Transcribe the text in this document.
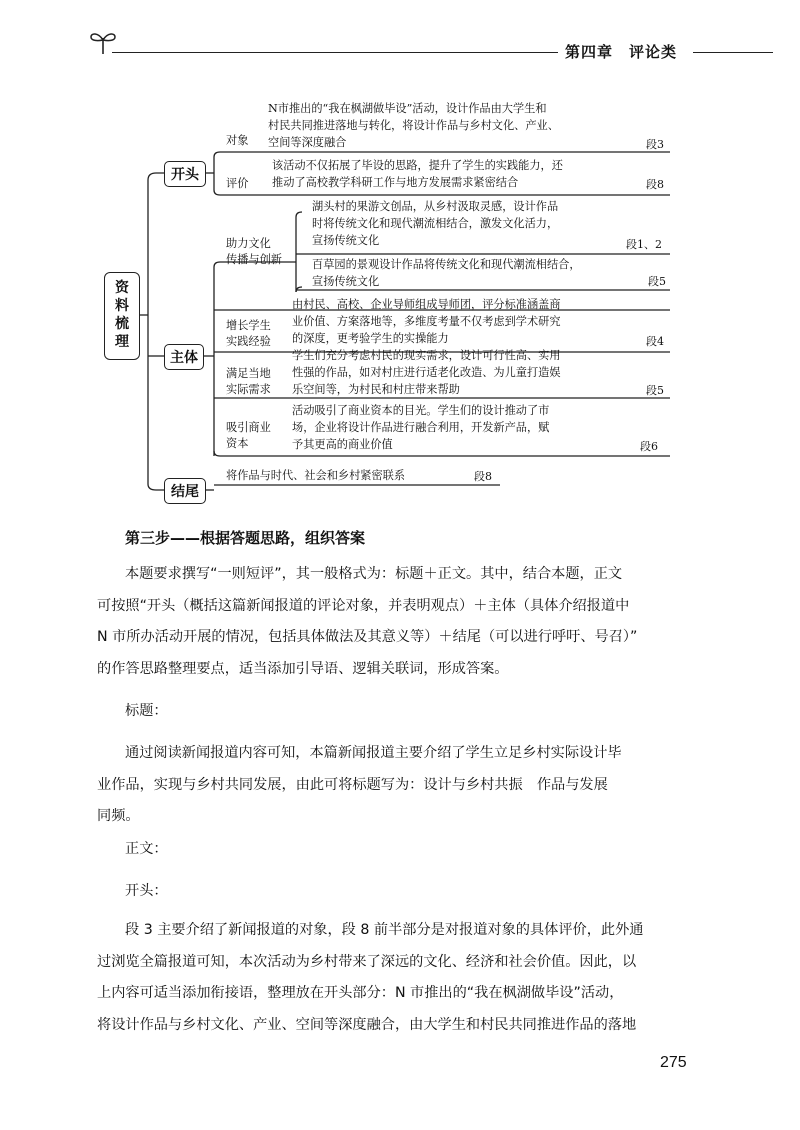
第四章 评论类
资
料
梳
理
开头
主体
结尾
对象
N市推出的“我在枫湖做毕设”活动，设计作品由大学生和
村民共同推进落地与转化，将设计作品与乡村文化、产业、
空间等深度融合	段3
评价
该活动不仅拓展了毕设的思路，提升了学生的实践能力，还
推动了高校教学科研工作与地方发展需求紧密结合	段8
助力文化
传播与创新
湖头村的果游文创品，从乡村汲取灵感，设计作品
时将传统文化和现代潮流相结合，激发文化活力，
宣扬传统文化	段1、2
百草园的景观设计作品将传统文化和现代潮流相结合，
宣扬传统文化	段5
增长学生
实践经验
由村民、高校、企业导师组成导师团，评分标准涵盖商
业价值、方案落地等，多维度考量不仅考虑到学术研究
的深度，更考验学生的实操能力	段4
满足当地
实际需求
学生们充分考虑村民的现实需求，设计可行性高、实用
性强的作品，如对村庄进行适老化改造、为儿童打造娱
乐空间等，为村民和村庄带来帮助	段5
吸引商业
资本
活动吸引了商业资本的目光。学生们的设计推动了市
场，企业将设计作品进行融合利用，开发新产品，赋
予其更高的商业价值	段6
将作品与时代、社会和乡村紧密联系	段8
第三步——根据答题思路，组织答案
本题要求撰写“一则短评”，其一般格式为：标题＋正文。其中，结合本题，正文
可按照“开头（概括这篇新闻报道的评论对象，并表明观点）＋主体（具体介绍报道中
N 市所办活动开展的情况，包括具体做法及其意义等）＋结尾（可以进行呼吁、号召）”
的作答思路整理要点，适当添加引导语、逻辑关联词，形成答案。
标题：
通过阅读新闻报道内容可知，本篇新闻报道主要介绍了学生立足乡村实际设计毕
业作品，实现与乡村共同发展，由此可将标题写为：设计与乡村共振　作品与发展
同频。
正文：
开头：
段 3 主要介绍了新闻报道的对象，段 8 前半部分是对报道对象的具体评价，此外通
过浏览全篇报道可知，本次活动为乡村带来了深远的文化、经济和社会价值。因此，以
上内容可适当添加衔接语，整理放在开头部分：N 市推出的“我在枫湖做毕设”活动，
将设计作品与乡村文化、产业、空间等深度融合，由大学生和村民共同推进作品的落地
275
